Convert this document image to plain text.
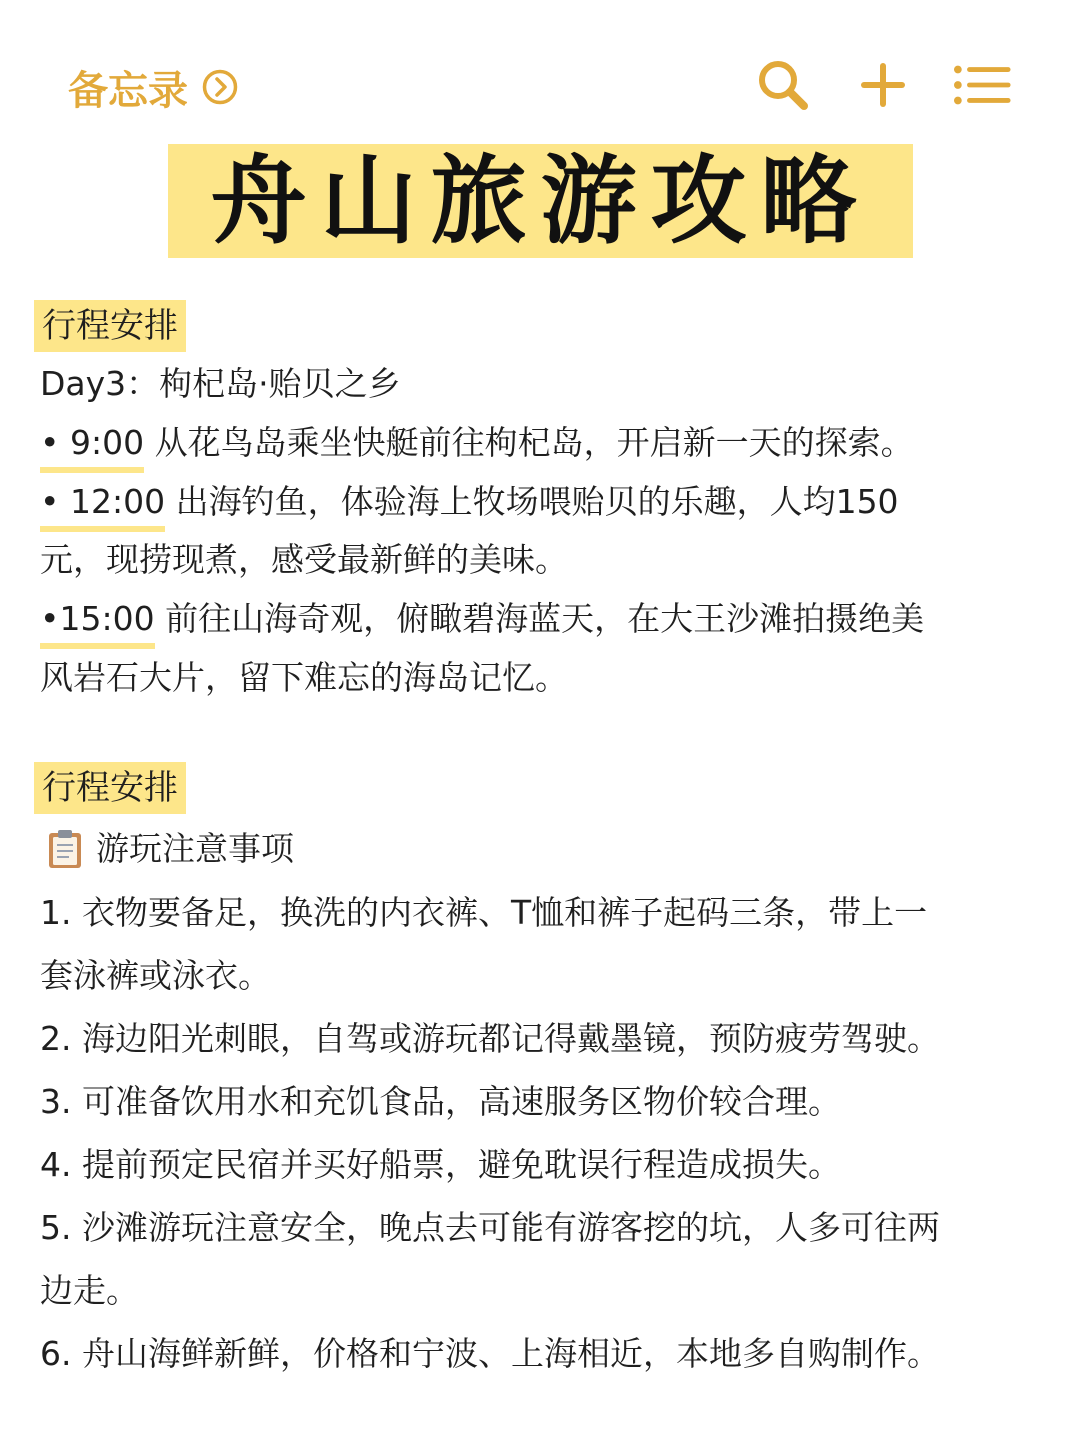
备忘录
舟山旅游攻略
行程安排
Day3：枸杞岛·贻贝之乡
• 9:00 从花鸟岛乘坐快艇前往枸杞岛，开启新一天的探索。
• 12:00 出海钓鱼，体验海上牧场喂贻贝的乐趣，人均150
元，现捞现煮，感受最新鲜的美味。
•15:00 前往山海奇观，俯瞰碧海蓝天，在大王沙滩拍摄绝美
风岩石大片，留下难忘的海岛记忆。
行程安排
游玩注意事项
1. 衣物要备足，换洗的内衣裤、T恤和裤子起码三条，带上一
套泳裤或泳衣。
2. 海边阳光刺眼，自驾或游玩都记得戴墨镜，预防疲劳驾驶。
3. 可准备饮用水和充饥食品，高速服务区物价较合理。
4. 提前预定民宿并买好船票，避免耽误行程造成损失。
5. 沙滩游玩注意安全，晚点去可能有游客挖的坑，人多可往两
边走。
6. 舟山海鲜新鲜，价格和宁波、上海相近，本地多自购制作。
